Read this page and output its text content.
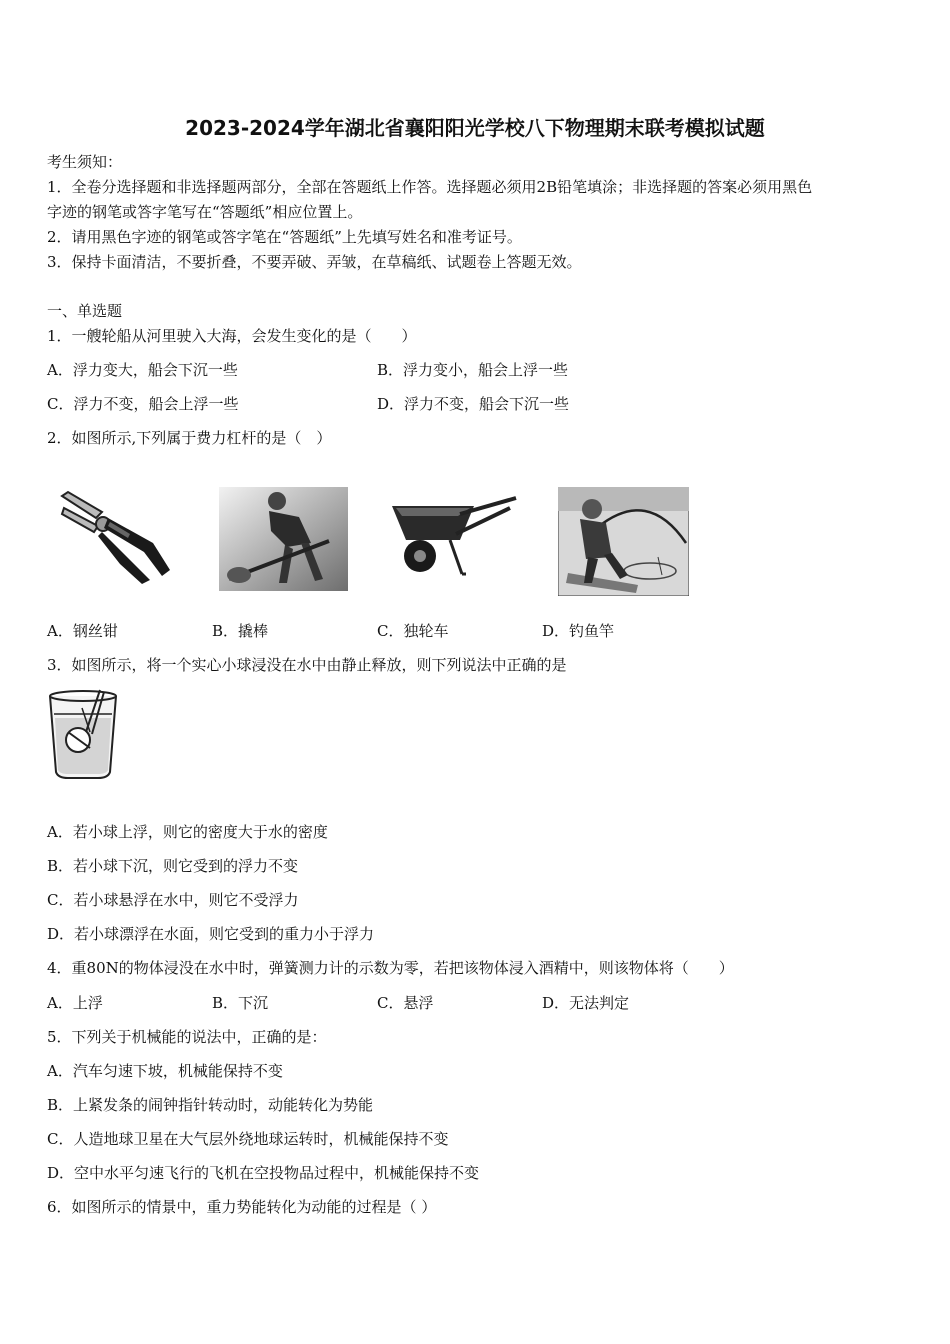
2023-2024学年湖北省襄阳阳光学校八下物理期末联考模拟试题
考生须知：
1．全卷分选择题和非选择题两部分，全部在答题纸上作答。选择题必须用2B铅笔填涂；非选择题的答案必须用黑色
字迹的钢笔或答字笔写在“答题纸”相应位置上。
2．请用黑色字迹的钢笔或答字笔在“答题纸”上先填写姓名和准考证号。
3．保持卡面清洁，不要折叠，不要弄破、弄皱，在草稿纸、试题卷上答题无效。
一、单选题
1．一艘轮船从河里驶入大海，会发生变化的是（　　）
A．浮力变大，船会下沉一些	B．浮力变小，船会上浮一些
C．浮力不变，船会上浮一些	D．浮力不变，船会下沉一些
2．如图所示,下列属于费力杠杆的是（　）
A．钢丝钳	B．撬棒	C．独轮车	D．钓鱼竿
3．如图所示，将一个实心小球浸没在水中由静止释放，则下列说法中正确的是
A．若小球上浮，则它的密度大于水的密度
B．若小球下沉，则它受到的浮力不变
C．若小球悬浮在水中，则它不受浮力
D．若小球漂浮在水面，则它受到的重力小于浮力
4．重80N的物体浸没在水中时，弹簧测力计的示数为零，若把该物体浸入酒精中，则该物体将（　　）
A．上浮	B．下沉	C．悬浮	D．无法判定
5．下列关于机械能的说法中，正确的是：
A．汽车匀速下坡，机械能保持不变
B．上紧发条的闹钟指针转动时，动能转化为势能
C．人造地球卫星在大气层外绕地球运转时，机械能保持不变
D．空中水平匀速飞行的飞机在空投物品过程中，机械能保持不变
6．如图所示的情景中，重力势能转化为动能的过程是（ ）
